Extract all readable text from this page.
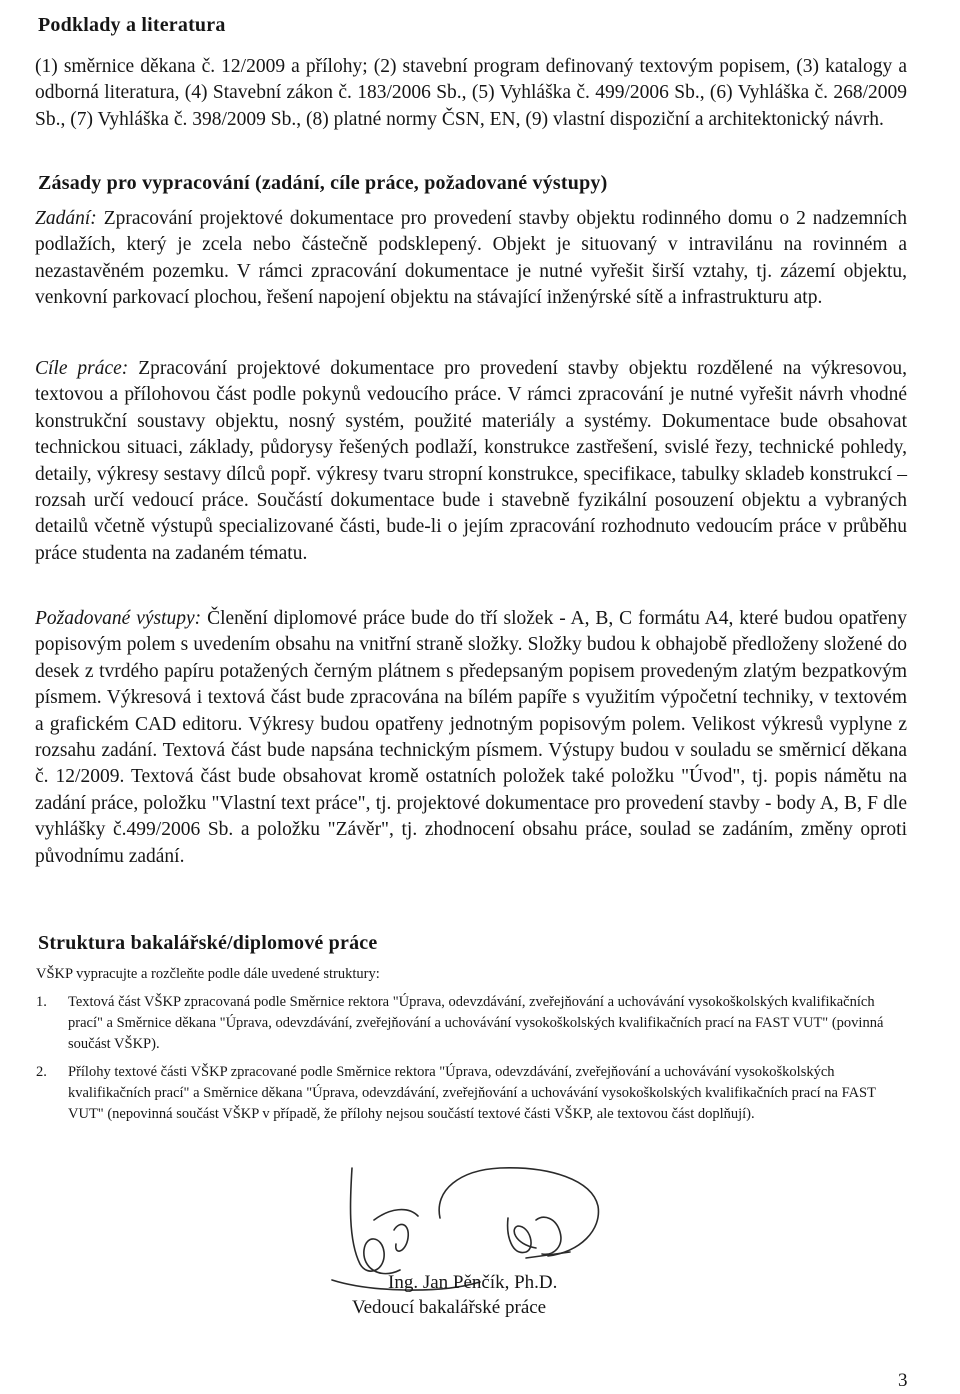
Podklady a literatura

(1) směrnice děkana č. 12/2009 a přílohy; (2) stavební program definovaný textovým popisem, (3) katalogy a odborná literatura, (4) Stavební zákon č. 183/2006 Sb., (5) Vyhláška č. 499/2006 Sb., (6) Vyhláška č. 268/2009 Sb., (7) Vyhláška č. 398/2009 Sb., (8) platné normy ČSN, EN, (9) vlastní dispoziční a architektonický návrh.

Zásady pro vypracování (zadání, cíle práce, požadované výstupy)

Zadání: Zpracování projektové dokumentace pro provedení stavby objektu rodinného domu o 2 nadzemních podlažích, který je zcela nebo částečně podsklepený. Objekt je situovaný v intravilánu na rovinném a nezastavěném pozemku. V rámci zpracování dokumentace je nutné vyřešit širší vztahy, tj. zázemí objektu, venkovní parkovací plochou, řešení napojení objektu na stávající inženýrské sítě a infrastrukturu atp.

Cíle práce: Zpracování projektové dokumentace pro provedení stavby objektu rozdělené na výkresovou, textovou a přílohovou část podle pokynů vedoucího práce. V rámci zpracování je nutné vyřešit návrh vhodné konstrukční soustavy objektu, nosný systém, použité materiály a systémy. Dokumentace bude obsahovat technickou situaci, základy, půdorysy řešených podlaží, konstrukce zastřešení, svislé řezy, technické pohledy, detaily, výkresy sestavy dílců popř. výkresy tvaru stropní konstrukce, specifikace, tabulky skladeb konstrukcí – rozsah určí vedoucí práce. Součástí dokumentace bude i stavebně fyzikální posouzení objektu a vybraných detailů včetně výstupů specializované části, bude-li o jejím zpracování rozhodnuto vedoucím práce v průběhu práce studenta na zadaném tématu.

Požadované výstupy: Členění diplomové práce bude do tří složek - A, B, C formátu A4, které budou opatřeny popisovým polem s uvedením obsahu na vnitřní straně složky. Složky budou k obhajobě předloženy složené do desek z tvrdého papíru potažených černým plátnem s předepsaným popisem provedeným zlatým bezpatkovým písmem. Výkresová i textová část bude zpracována na bílém papíře s využitím výpočetní techniky, v textovém a grafickém CAD editoru. Výkresy budou opatřeny jednotným popisovým polem. Velikost výkresů vyplyne z rozsahu zadání. Textová část bude napsána technickým písmem. Výstupy budou v souladu se směrnicí děkana č. 12/2009. Textová část bude obsahovat kromě ostatních položek také položku "Úvod", tj. popis námětu na zadání práce, položku "Vlastní text práce", tj. projektové dokumentace pro provedení stavby - body A, B, F dle vyhlášky č.499/2006 Sb. a položku "Závěr", tj. zhodnocení obsahu práce, soulad se zadáním, změny oproti původnímu zadání.

Struktura bakalářské/diplomové práce

VŠKP vypracujte a rozčleňte podle dále uvedené struktury:

1.	Textová část VŠKP zpracovaná podle Směrnice rektora "Úprava, odevzdávání, zveřejňování a uchovávání vysokoškolských kvalifikačních prací" a Směrnice děkana "Úprava, odevzdávání, zveřejňování a uchovávání vysokoškolských kvalifikačních prací na FAST VUT" (povinná součást VŠKP).

2.	Přílohy textové části VŠKP zpracované podle Směrnice rektora "Úprava, odevzdávání, zveřejňování a uchovávání vysokoškolských kvalifikačních prací" a Směrnice děkana "Úprava, odevzdávání, zveřejňování a uchovávání vysokoškolských kvalifikačních prací na FAST VUT" (nepovinná součást VŠKP v případě, že přílohy nejsou součástí textové části VŠKP, ale textovou část doplňují).

Ing. Jan Pěnčík, Ph.D.
Vedoucí bakalářské práce
3
